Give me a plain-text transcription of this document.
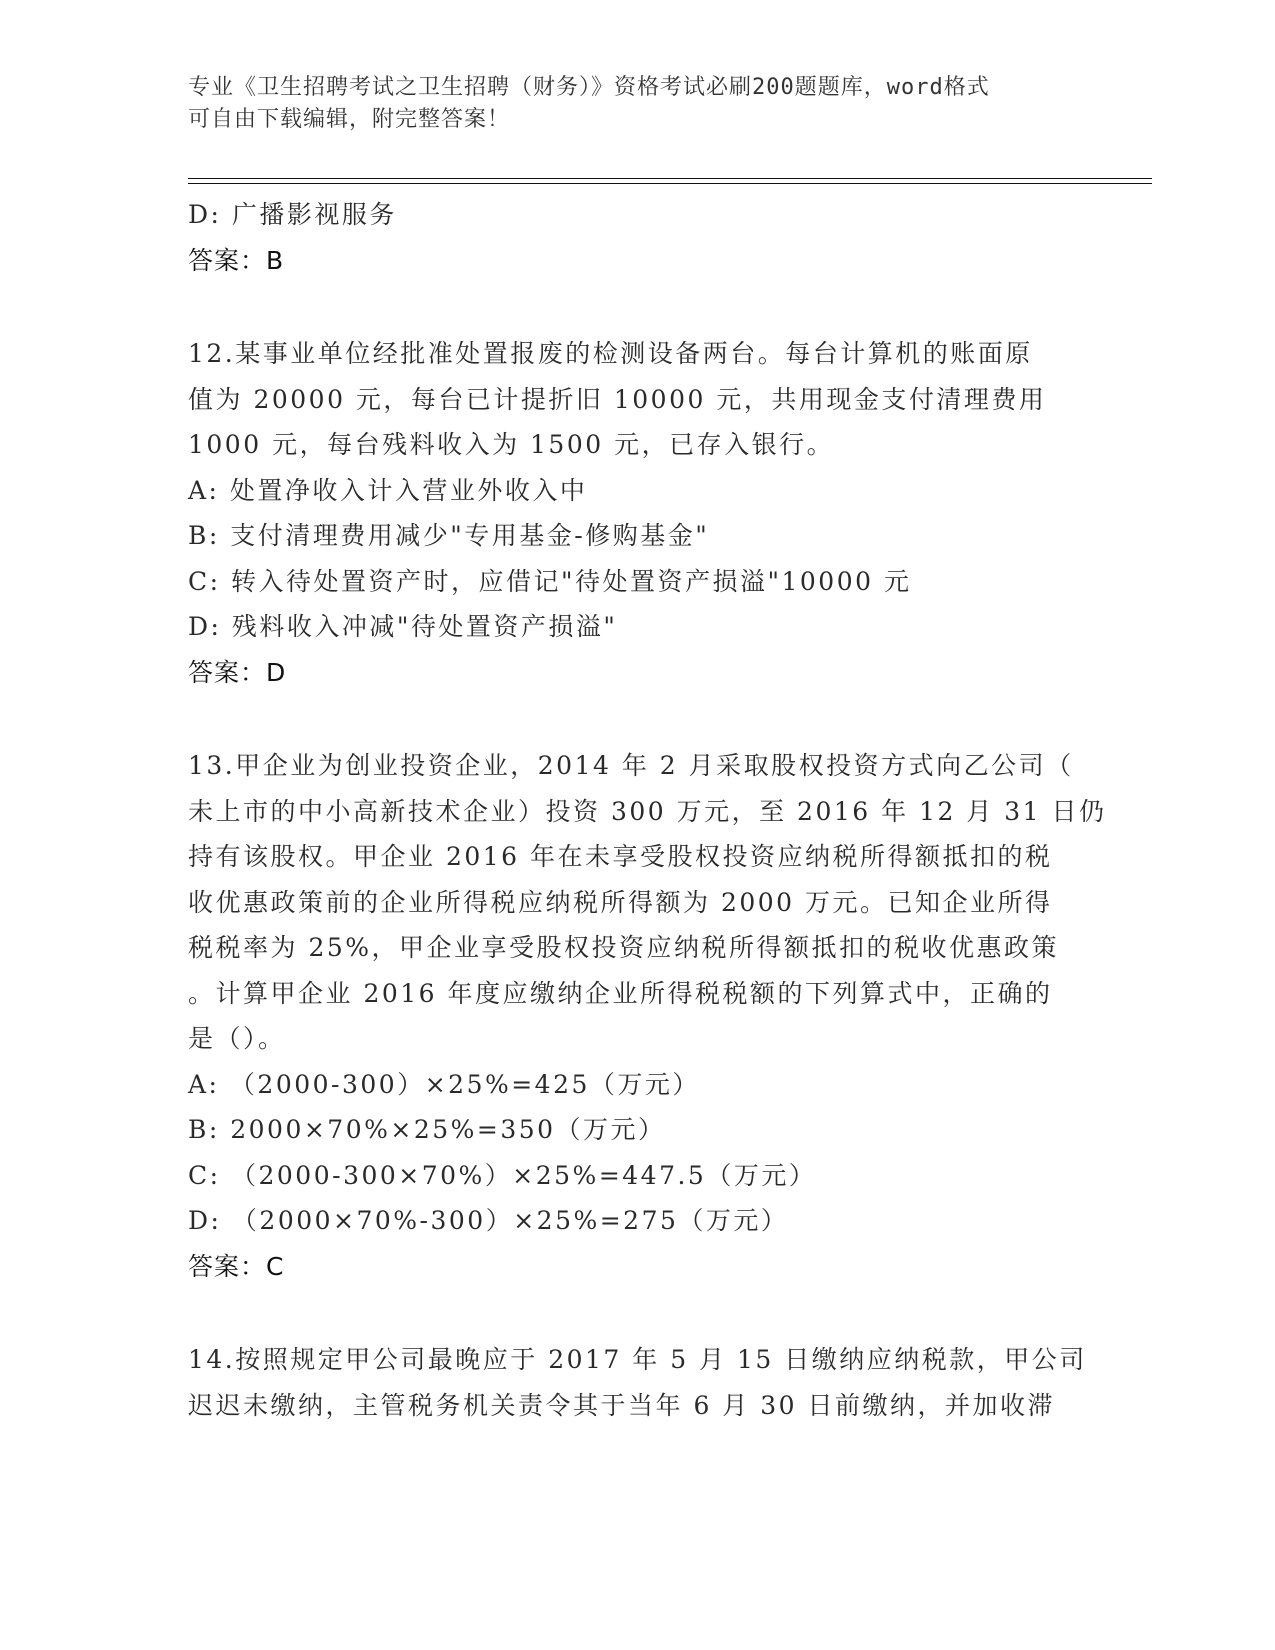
专业《卫生招聘考试之卫生招聘（财务）》资格考试必刷200题题库，word格式
可自由下载编辑，附完整答案！
D: 广播影视服务
答案：B
12.某事业单位经批准处置报废的检测设备两台。每台计算机的账面原
值为 20000 元，每台已计提折旧 10000 元，共用现金支付清理费用
1000 元，每台残料收入为 1500 元，已存入银行。
A: 处置净收入计入营业外收入中
B: 支付清理费用减少"专用基金-修购基金"
C: 转入待处置资产时，应借记"待处置资产损溢"10000 元
D: 残料收入冲减"待处置资产损溢"
答案：D
13.甲企业为创业投资企业，2014 年 2 月采取股权投资方式向乙公司（
未上市的中小高新技术企业）投资 300 万元，至 2016 年 12 月 31 日仍
持有该股权。甲企业 2016 年在未享受股权投资应纳税所得额抵扣的税
收优惠政策前的企业所得税应纳税所得额为 2000 万元。已知企业所得
税税率为 25%，甲企业享受股权投资应纳税所得额抵扣的税收优惠政策
。计算甲企业 2016 年度应缴纳企业所得税税额的下列算式中，正确的
是（）。
A: （2000-300）×25%=425（万元）
B: 2000×70%×25%=350（万元）
C: （2000-300×70%）×25%=447.5（万元）
D: （2000×70%-300）×25%=275（万元）
答案：C
14.按照规定甲公司最晚应于 2017 年 5 月 15 日缴纳应纳税款，甲公司
迟迟未缴纳，主管税务机关责令其于当年 6 月 30 日前缴纳，并加收滞
